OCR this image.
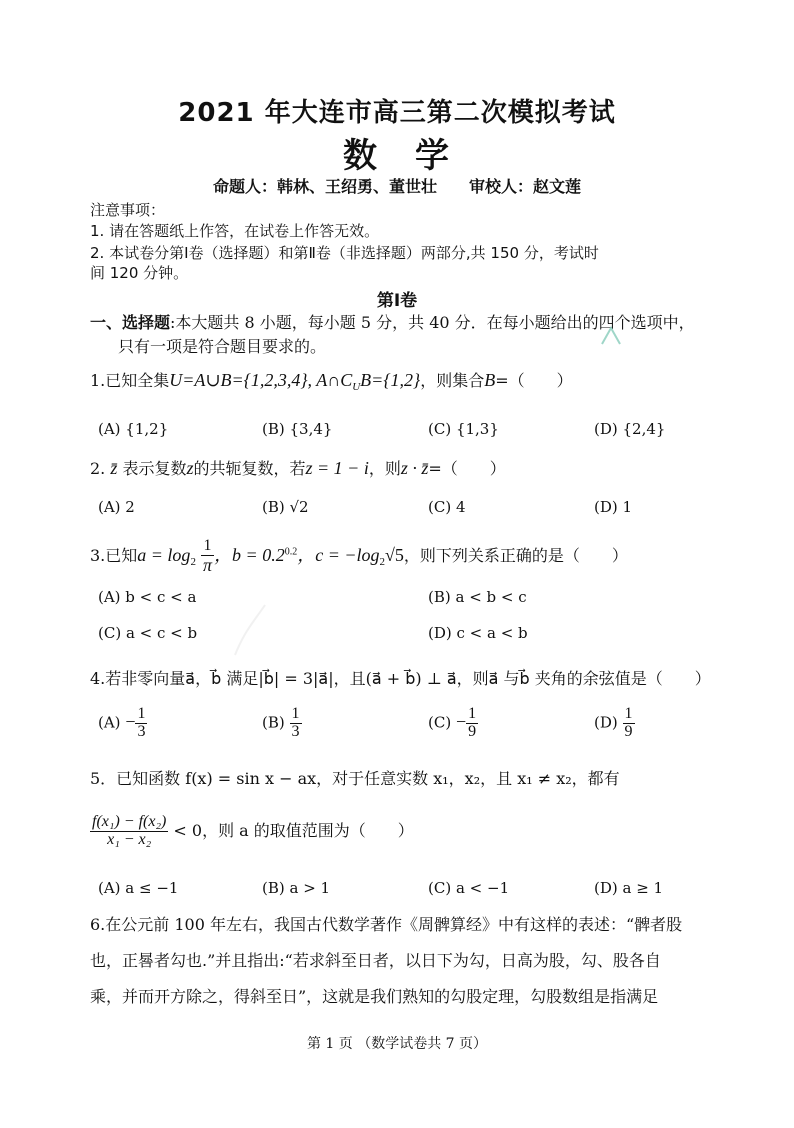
2021 年大连市高三第二次模拟考试
数　学
命题人：韩林、王绍勇、董世壮　　审校人：赵文莲
注意事项：
1. 请在答题纸上作答，在试卷上作答无效。
2. 本试卷分第Ⅰ卷（选择题）和第Ⅱ卷（非选择题）两部分,共 150 分，考试时
间 120 分钟。
第Ⅰ卷
一、选择题:本大题共 8 小题，每小题 5 分，共 40 分．在每小题给出的四个选项中，
只有一项是符合题目要求的。
1.已知全集U=A∪B={1,2,3,4}, $A\cap C_UB=\{1,2\}$，则集合B=（　　）
(A) {1,2}	(B) {3,4}	(C) {1,3}	(D) {2,4}
2. z̄ 表示复数z的共轭复数，若z = 1 − i，则z · z̄=（　　）
(A) 2	(B) √2	(C) 4	(D) 1
3.已知$a = \log_2 \frac{1}{\pi}$ ，$b = 0.2^{0.2}$，$c = -\log_2√5$，则下列关系正确的是（　　）
(A) b < c < a	(B) a < b < c
(C) a < c < b	(D) c < a < b
4.若非零向量a⃗，b⃗ 满足|b⃗| = 3|a⃗|，且(a⃗ + b⃗) ⊥ a⃗，则a⃗ 与b⃗ 夹角的余弦值是（　　）
$(A) - \frac{1}{3}$	$(B) \frac{1}{3}$	$(C) - \frac{1}{9}$	$(D) \frac{1}{9}$
5．已知函数 f(x) = sin x − ax，对于任意实数 x₁，x₂，且 x₁ ≠ x₂，都有
$\frac{\text{f(x₁) − f(x₂)}}{\text{x₁ − x₂}} < 0$，则 a 的取值范围为（　　）
(A) a ≤ −1	(B) a > 1	(C) a < −1	(D) a ≥ 1
6.在公元前 100 年左右，我国古代数学著作《周髀算经》中有这样的表述：“髀者股
也，正晷者勾也.”并且指出:“若求斜至日者，以日下为勾，日高为股，勾、股各自
乘，并而开方除之，得斜至日”，这就是我们熟知的勾股定理，勾股数组是指满足
第 1 页 （数学试卷共 7 页）
